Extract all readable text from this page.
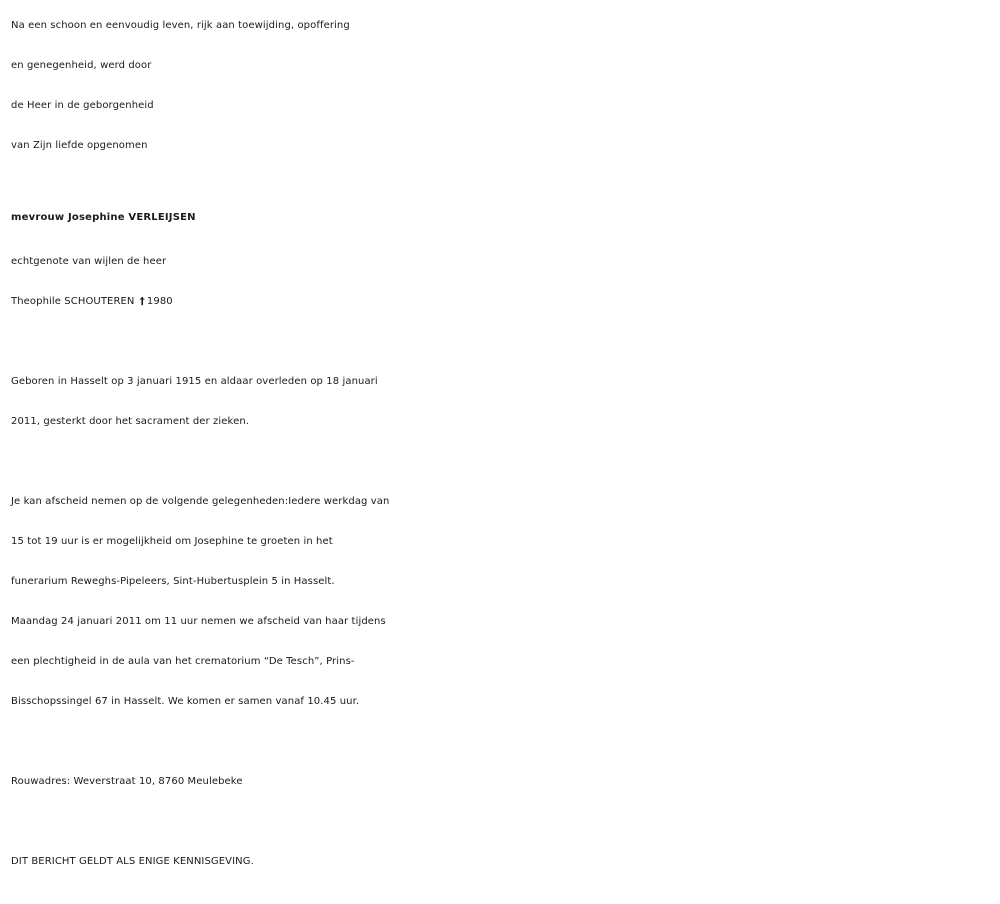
Na een schoon en eenvoudig leven, rijk aan toewijding, opoffering
en genegenheid, werd door
de Heer in de geborgenheid
van Zijn liefde opgenomen
mevrouw Josephine VERLEIJSEN
echtgenote van wijlen de heer
Theophile SCHOUTEREN † 1980
Geboren in Hasselt op 3 januari 1915 en aldaar overleden op 18 januari
2011, gesterkt door het sacrament der zieken.
Je kan afscheid nemen op de volgende gelegenheden:Iedere werkdag van
15 tot 19 uur is er mogelijkheid om Josephine te groeten in het
funerarium Reweghs-Pipeleers, Sint-Hubertusplein 5 in Hasselt.
Maandag 24 januari 2011 om 11 uur nemen we afscheid van haar tijdens
een plechtigheid in de aula van het crematorium “De Tesch”, Prins-
Bisschopssingel 67 in Hasselt. We komen er samen vanaf 10.45 uur.
Rouwadres: Weverstraat 10, 8760 Meulebeke
DIT BERICHT GELDT ALS ENIGE KENNISGEVING.
